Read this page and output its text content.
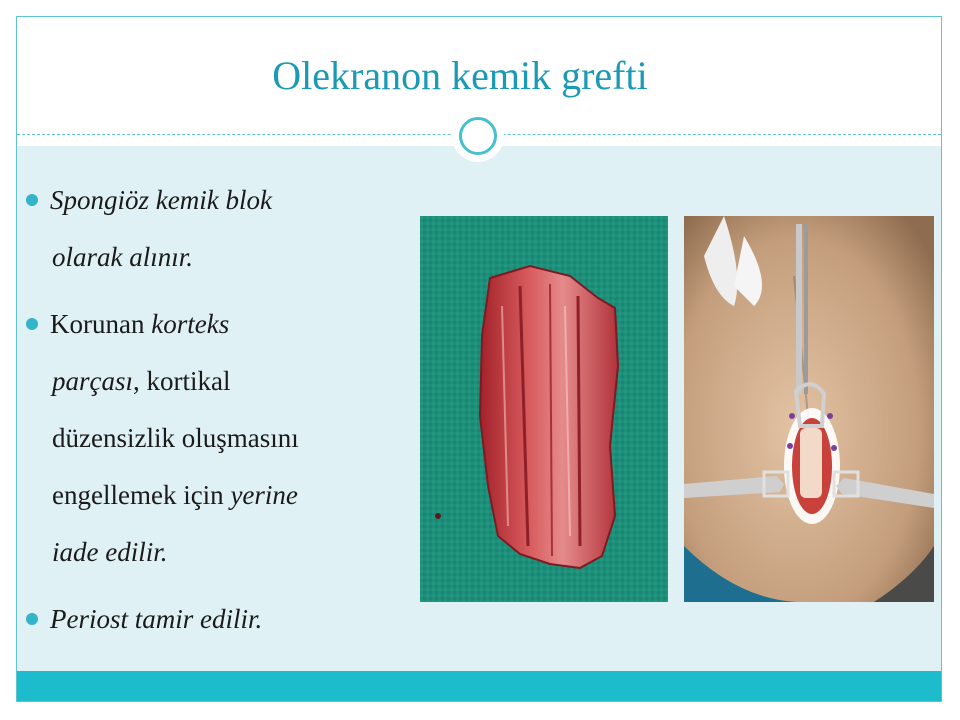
Olekranon kemik grefti
Spongiöz kemik blok
olarak alınır.
Korunan korteks
parçası, kortikal
düzensizlik oluşmasını
engellemek için yerine
iade edilir.
Periost tamir edilir.
